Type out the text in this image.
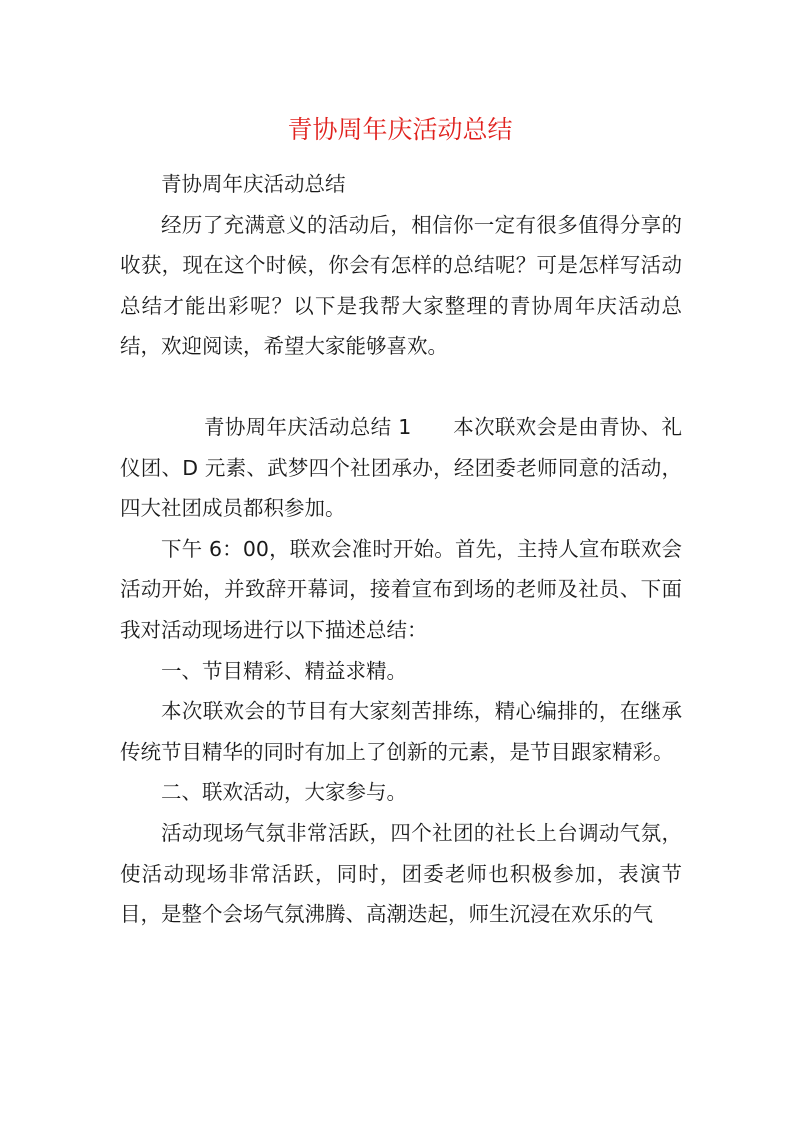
青协周年庆活动总结

青协周年庆活动总结

经历了充满意义的活动后，相信你一定有很多值得分享的收获，现在这个时候，你会有怎样的总结呢？可是怎样写活动总结才能出彩呢？以下是我帮大家整理的青协周年庆活动总结，欢迎阅读，希望大家能够喜欢。

青协周年庆活动总结 1　　本次联欢会是由青协、礼仪团、D 元素、武梦四个社团承办，经团委老师同意的活动，四大社团成员都积参加。

下午 6：00，联欢会准时开始。首先，主持人宣布联欢会活动开始，并致辞开幕词，接着宣布到场的老师及社员、下面我对活动现场进行以下描述总结：

一、节目精彩、精益求精。

本次联欢会的节目有大家刻苦排练，精心编排的，在继承传统节目精华的同时有加上了创新的元素，是节目跟家精彩。

二、联欢活动，大家参与。

活动现场气氛非常活跃，四个社团的社长上台调动气氛，使活动现场非常活跃，同时，团委老师也积极参加，表演节目，是整个会场气氛沸腾、高潮迭起，师生沉浸在欢乐的气
